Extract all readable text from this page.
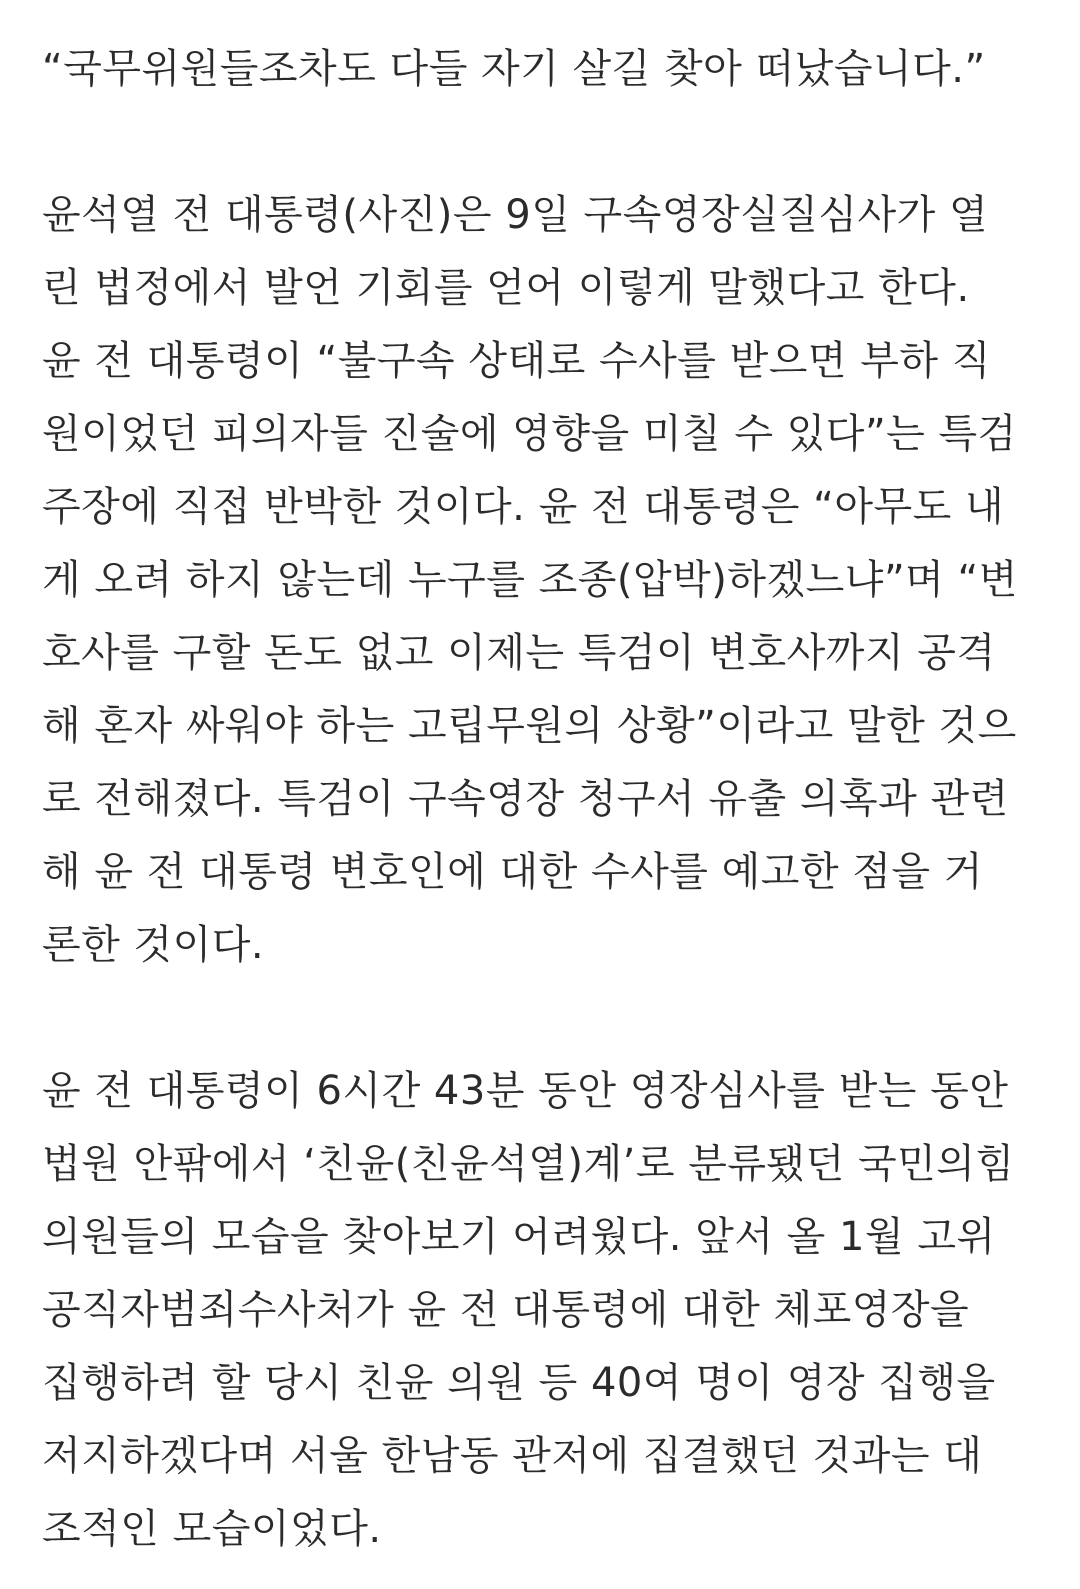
“국무위원들조차도 다들 자기 살길 찾아 떠났습니다.”
윤석열 전 대통령(사진)은 9일 구속영장실질심사가 열
린 법정에서 발언 기회를 얻어 이렇게 말했다고 한다.
윤 전 대통령이 “불구속 상태로 수사를 받으면 부하 직
원이었던 피의자들 진술에 영향을 미칠 수 있다”는 특검
주장에 직접 반박한 것이다. 윤 전 대통령은 “아무도 내
게 오려 하지 않는데 누구를 조종(압박)하겠느냐”며 “변
호사를 구할 돈도 없고 이제는 특검이 변호사까지 공격
해 혼자 싸워야 하는 고립무원의 상황”이라고 말한 것으
로 전해졌다. 특검이 구속영장 청구서 유출 의혹과 관련
해 윤 전 대통령 변호인에 대한 수사를 예고한 점을 거
론한 것이다.
윤 전 대통령이 6시간 43분 동안 영장심사를 받는 동안
법원 안팎에서 ‘친윤(친윤석열)계’로 분류됐던 국민의힘
의원들의 모습을 찾아보기 어려웠다. 앞서 올 1월 고위
공직자범죄수사처가 윤 전 대통령에 대한 체포영장을
집행하려 할 당시 친윤 의원 등 40여 명이 영장 집행을
저지하겠다며 서울 한남동 관저에 집결했던 것과는 대
조적인 모습이었다.
